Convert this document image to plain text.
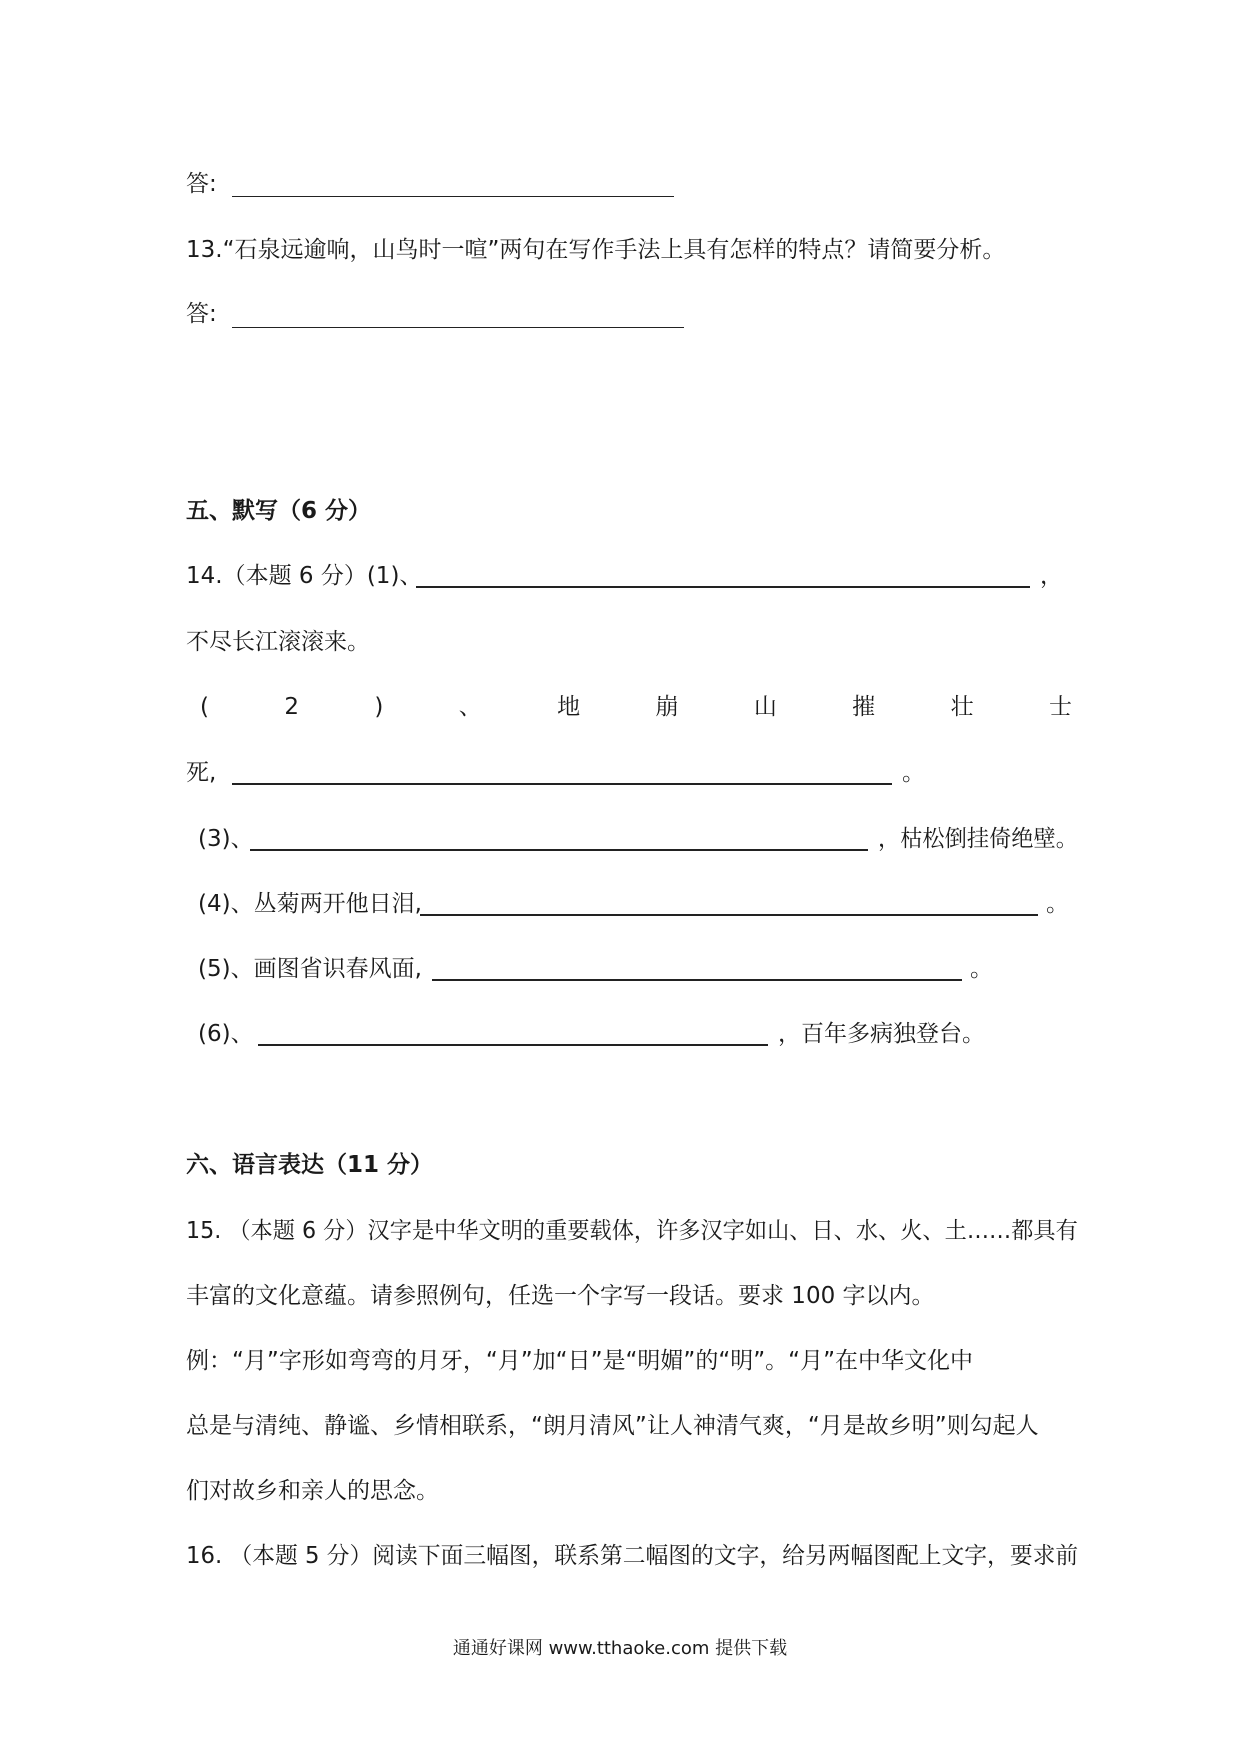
答:
13.“石泉远逾响，山鸟时一喧”两句在写作手法上具有怎样的特点？请简要分析。
答:
五、默写（6 分）
14.（本题 6 分）(1)、	，
不尽长江滚滚来。
(	2	)	、	地	崩	山	摧	壮	士
死,	。
(3)、	，枯松倒挂倚绝壁。
(4)、丛菊两开他日泪,	。
(5)、画图省识春风面,	。
(6)、	，百年多病独登台。
六、语言表达（11 分）
15. （本题 6 分）汉字是中华文明的重要载体，许多汉字如山、日、水、火、土……都具有
丰富的文化意蕴。请参照例句，任选一个字写一段话。要求 100 字以内。
例：“月”字形如弯弯的月牙，“月”加“日”是“明媚”的“明”。“月”在中华文化中
总是与清纯、静谧、乡情相联系，“朗月清风”让人神清气爽，“月是故乡明”则勾起人
们对故乡和亲人的思念。
16. （本题 5 分）阅读下面三幅图，联系第二幅图的文字，给另两幅图配上文字，要求前
通通好课网 www.tthaoke.com 提供下载
